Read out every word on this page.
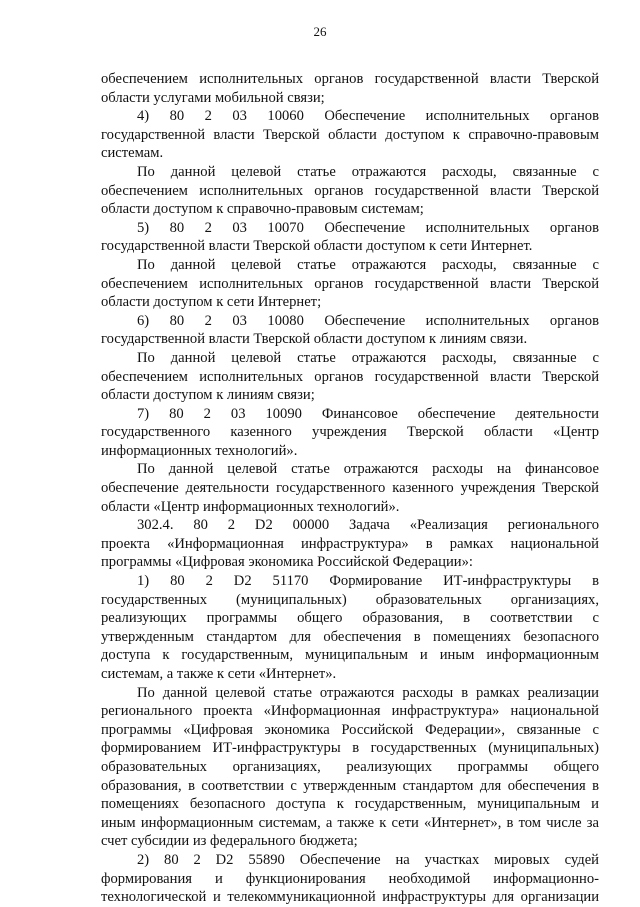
26
обеспечением исполнительных органов государственной власти Тверской
области услугами мобильной связи;
4) 80 2 03 10060 Обеспечение исполнительных органов
государственной власти Тверской области доступом к справочно-правовым
системам.
По данной целевой статье отражаются расходы, связанные с
обеспечением исполнительных органов государственной власти Тверской
области доступом к справочно-правовым системам;
5) 80 2 03 10070 Обеспечение исполнительных органов
государственной власти Тверской области доступом к сети Интернет.
По данной целевой статье отражаются расходы, связанные с
обеспечением исполнительных органов государственной власти Тверской
области доступом к сети Интернет;
6) 80 2 03 10080 Обеспечение исполнительных органов
государственной власти Тверской области доступом к линиям связи.
По данной целевой статье отражаются расходы, связанные с
обеспечением исполнительных органов государственной власти Тверской
области доступом к линиям связи;
7) 80 2 03 10090 Финансовое обеспечение деятельности
государственного казенного учреждения Тверской области «Центр
информационных технологий».
По данной целевой статье отражаются расходы на финансовое
обеспечение деятельности государственного казенного учреждения Тверской
области «Центр информационных технологий».
302.4. 80 2 D2 00000 Задача «Реализация регионального
проекта «Информационная инфраструктура» в рамках национальной
программы «Цифровая экономика Российской Федерации»:
1) 80 2 D2 51170 Формирование ИТ-инфраструктуры в
государственных (муниципальных) образовательных организациях,
реализующих программы общего образования, в соответствии с
утвержденным стандартом для обеспечения в помещениях безопасного
доступа к государственным, муниципальным и иным информационным
системам, а также к сети «Интернет».
По данной целевой статье отражаются расходы в рамках реализации
регионального проекта «Информационная инфраструктура» национальной
программы «Цифровая экономика Российской Федерации», связанные с
формированием ИТ-инфраструктуры в государственных (муниципальных)
образовательных организациях, реализующих программы общего
образования, в соответствии с утвержденным стандартом для обеспечения в
помещениях безопасного доступа к государственным, муниципальным и
иным информационным системам, а также к сети «Интернет», в том числе за
счет субсидии из федерального бюджета;
2) 80 2 D2 55890 Обеспечение на участках мировых судей
формирования и функционирования необходимой информационно-
технологической и телекоммуникационной инфраструктуры для организации
